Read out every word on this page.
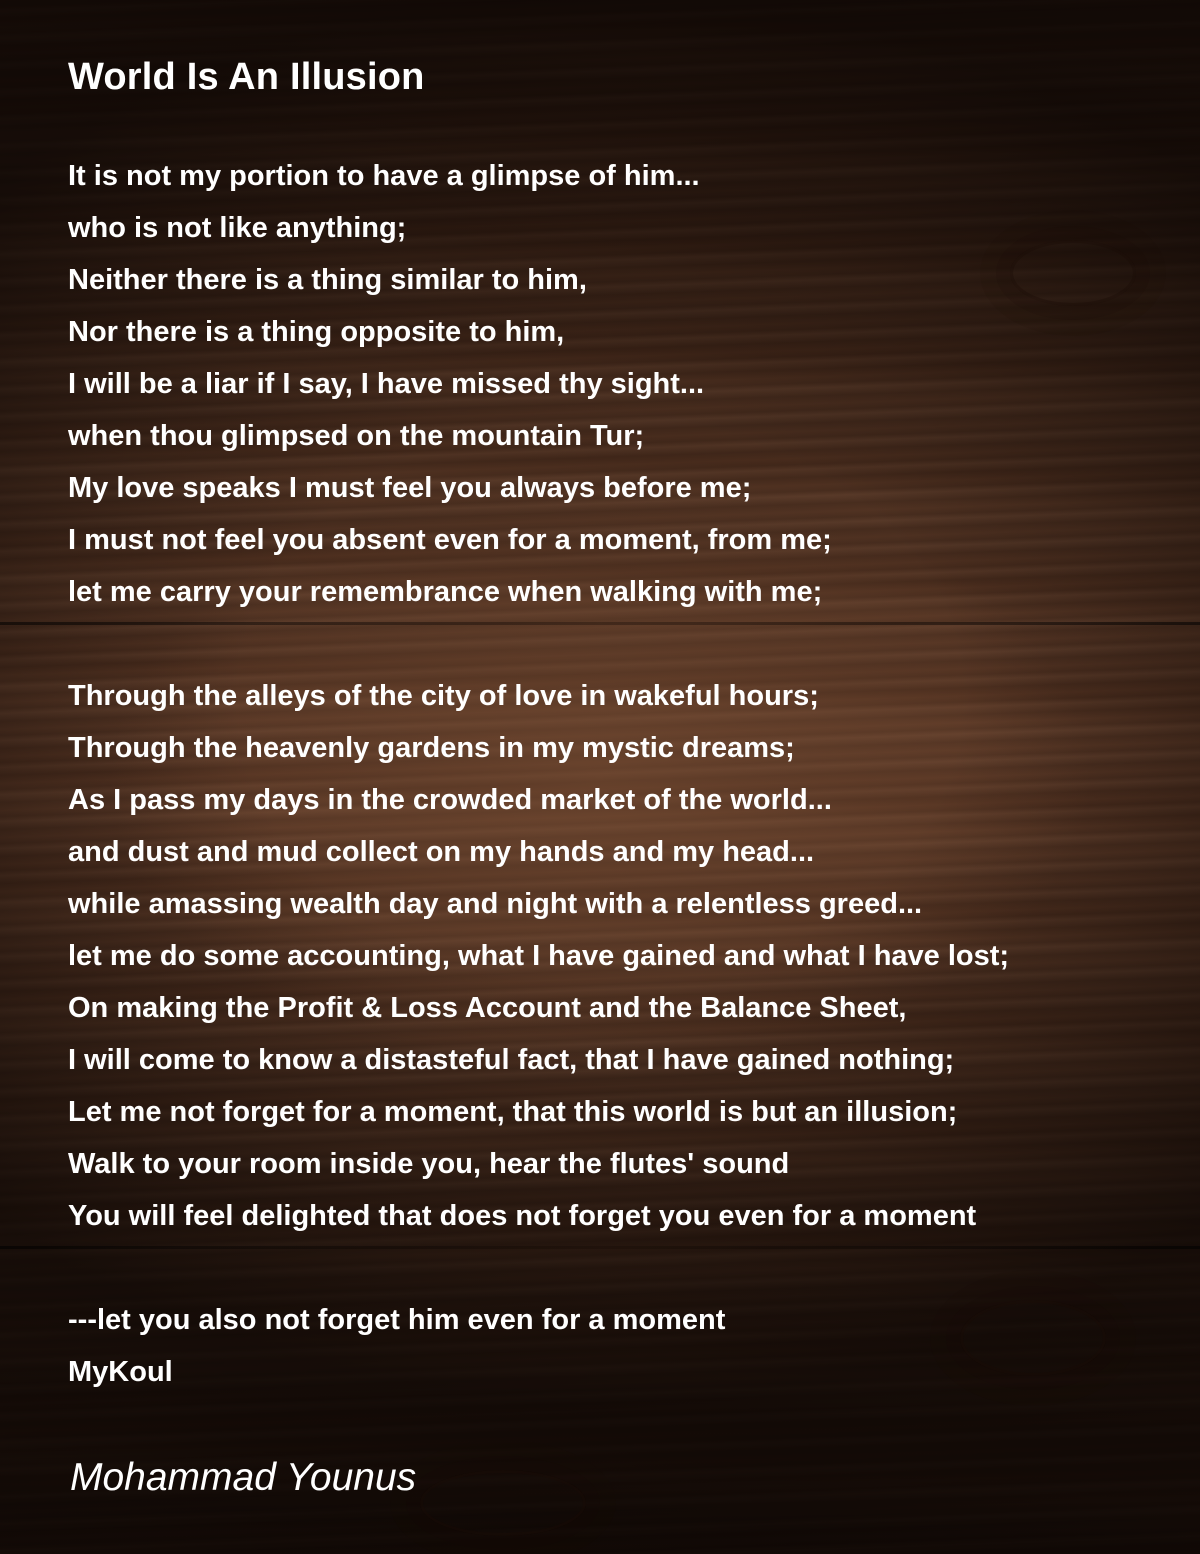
World Is An Illusion
It is not my portion to have a glimpse of him...
who is not like anything;
Neither there is a thing similar to him,
Nor there is a thing opposite to him,
I will be a liar if I say, I have missed thy sight...
when thou glimpsed on the mountain Tur;
My love speaks I must feel you always before me;
I must not feel you absent even for a moment, from me;
let me carry your remembrance when walking with me;
Through the alleys of the city of love in wakeful hours;
Through the heavenly gardens in my mystic dreams;
As I pass my days in the crowded market of the world...
and dust and mud collect on my hands and my head...
while amassing wealth day and night with a relentless greed...
let me do some accounting, what I have gained and what I have lost;
On making the Profit & Loss Account and the Balance Sheet,
I will come to know a distasteful fact, that I have gained nothing;
Let me not forget for a moment, that this world is but an illusion;
Walk to your room inside you, hear the flutes' sound
You will feel delighted that does not forget you even for a moment
---let you also not forget him even for a moment
MyKoul

Mohammad Younus
